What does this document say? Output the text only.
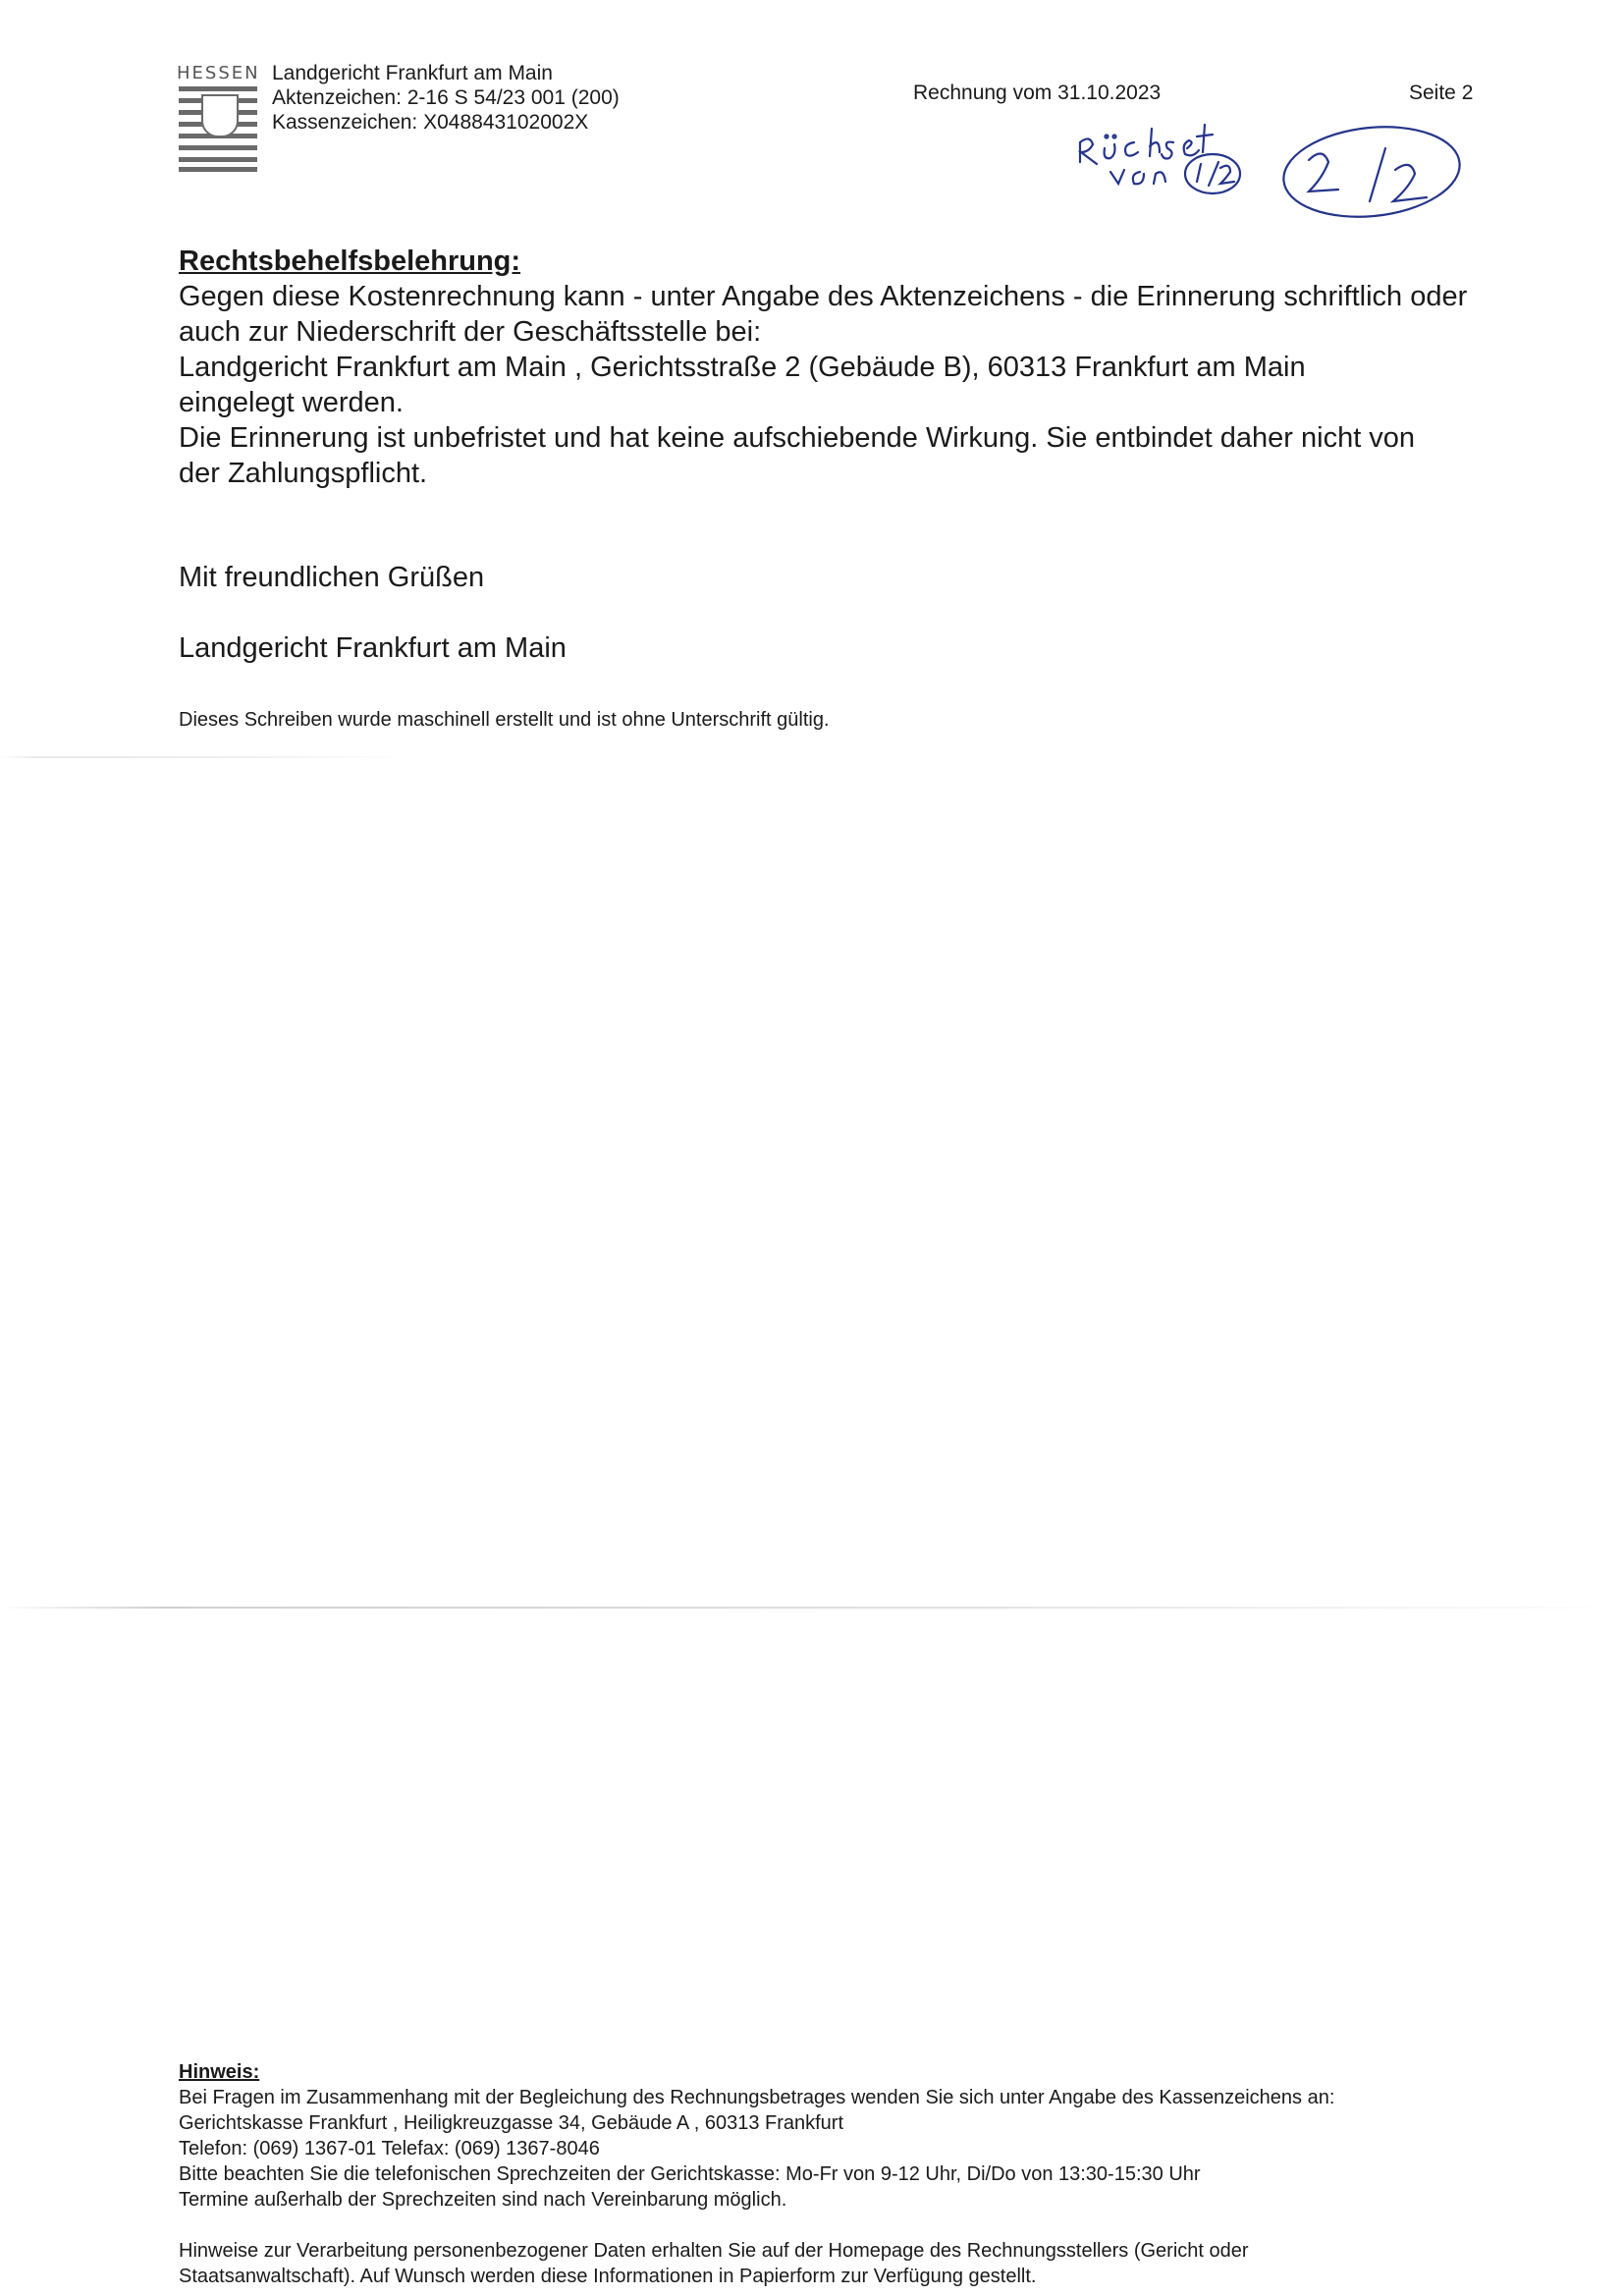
HESSEN Landgericht Frankfurt am Main
Aktenzeichen: 2-16 S 54/23 001 (200)
Kassenzeichen: X048843102002X
Rechnung vom 31.10.2023	Seite 2
Rechtsbehelfsbelehrung:
Gegen diese Kostenrechnung kann - unter Angabe des Aktenzeichens - die Erinnerung schriftlich oder
auch zur Niederschrift der Geschäftsstelle bei:
Landgericht Frankfurt am Main , Gerichtsstraße 2 (Gebäude B), 60313 Frankfurt am Main
eingelegt werden.
Die Erinnerung ist unbefristet und hat keine aufschiebende Wirkung. Sie entbindet daher nicht von
der Zahlungspflicht.
Mit freundlichen Grüßen
Landgericht Frankfurt am Main
Dieses Schreiben wurde maschinell erstellt und ist ohne Unterschrift gültig.
Hinweis:
Bei Fragen im Zusammenhang mit der Begleichung des Rechnungsbetrages wenden Sie sich unter Angabe des Kassenzeichens an:
Gerichtskasse Frankfurt , Heiligkreuzgasse 34, Gebäude A , 60313 Frankfurt
Telefon: (069) 1367-01 Telefax: (069) 1367-8046
Bitte beachten Sie die telefonischen Sprechzeiten der Gerichtskasse: Mo-Fr von 9-12 Uhr, Di/Do von 13:30-15:30 Uhr
Termine außerhalb der Sprechzeiten sind nach Vereinbarung möglich.
Hinweise zur Verarbeitung personenbezogener Daten erhalten Sie auf der Homepage des Rechnungsstellers (Gericht oder
Staatsanwaltschaft). Auf Wunsch werden diese Informationen in Papierform zur Verfügung gestellt.
